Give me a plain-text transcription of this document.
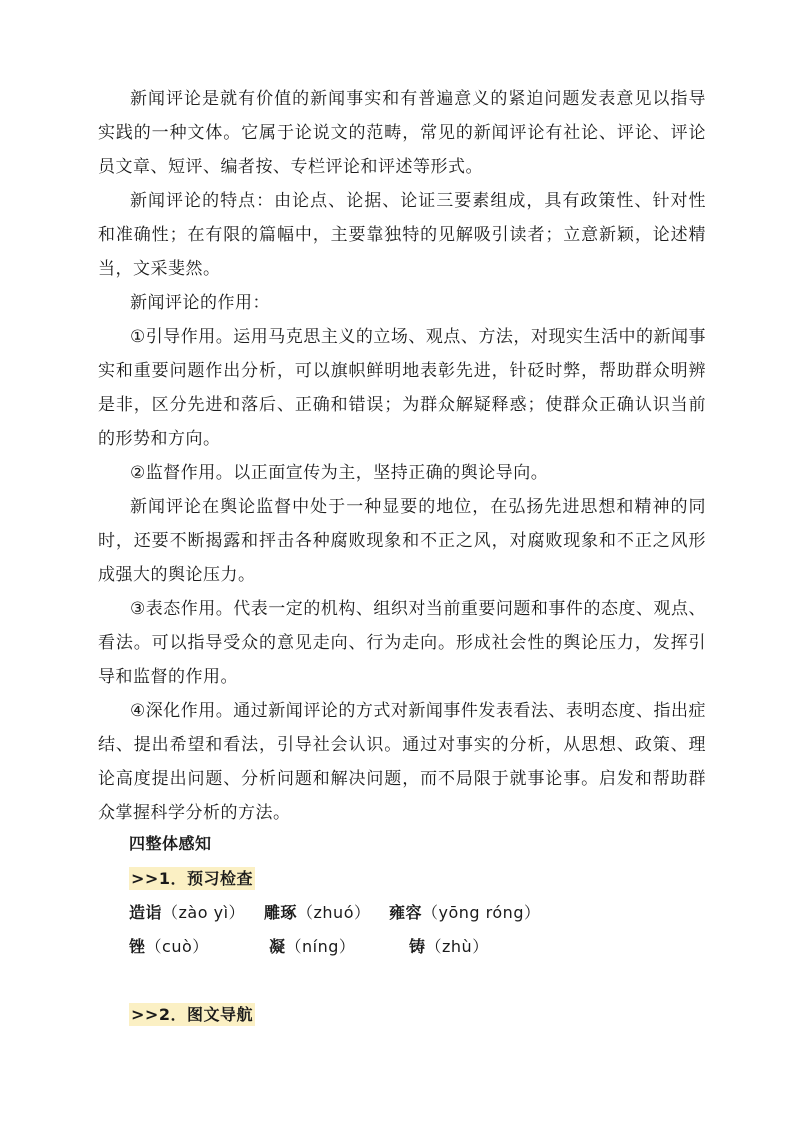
新闻评论是就有价值的新闻事实和有普遍意义的紧迫问题发表意见以指导实践的一种文体。它属于论说文的范畴，常见的新闻评论有社论、评论、评论员文章、短评、编者按、专栏评论和评述等形式。

新闻评论的特点：由论点、论据、论证三要素组成，具有政策性、针对性和准确性；在有限的篇幅中，主要靠独特的见解吸引读者；立意新颖，论述精当，文采斐然。

新闻评论的作用：

①引导作用。运用马克思主义的立场、观点、方法，对现实生活中的新闻事实和重要问题作出分析，可以旗帜鲜明地表彰先进，针砭时弊，帮助群众明辨是非，区分先进和落后、正确和错误；为群众解疑释惑；使群众正确认识当前的形势和方向。

②监督作用。以正面宣传为主，坚持正确的舆论导向。

新闻评论在舆论监督中处于一种显要的地位，在弘扬先进思想和精神的同时，还要不断揭露和抨击各种腐败现象和不正之风，对腐败现象和不正之风形成强大的舆论压力。

③表态作用。代表一定的机构、组织对当前重要问题和事件的态度、观点、看法。可以指导受众的意见走向、行为走向。形成社会性的舆论压力，发挥引导和监督的作用。

④深化作用。通过新闻评论的方式对新闻事件发表看法、表明态度、指出症结、提出希望和看法，引导社会认识。通过对事实的分析，从思想、政策、理论高度提出问题、分析问题和解决问题，而不局限于就事论事。启发和帮助群众掌握科学分析的方法。

四整体感知
>>1．预习检查
造诣（zào yì） 雕琢（zhuó） 雍容（yōng róng）
锉（cuò）	凝（níng）	铸（zhù）
>>2．图文导航
